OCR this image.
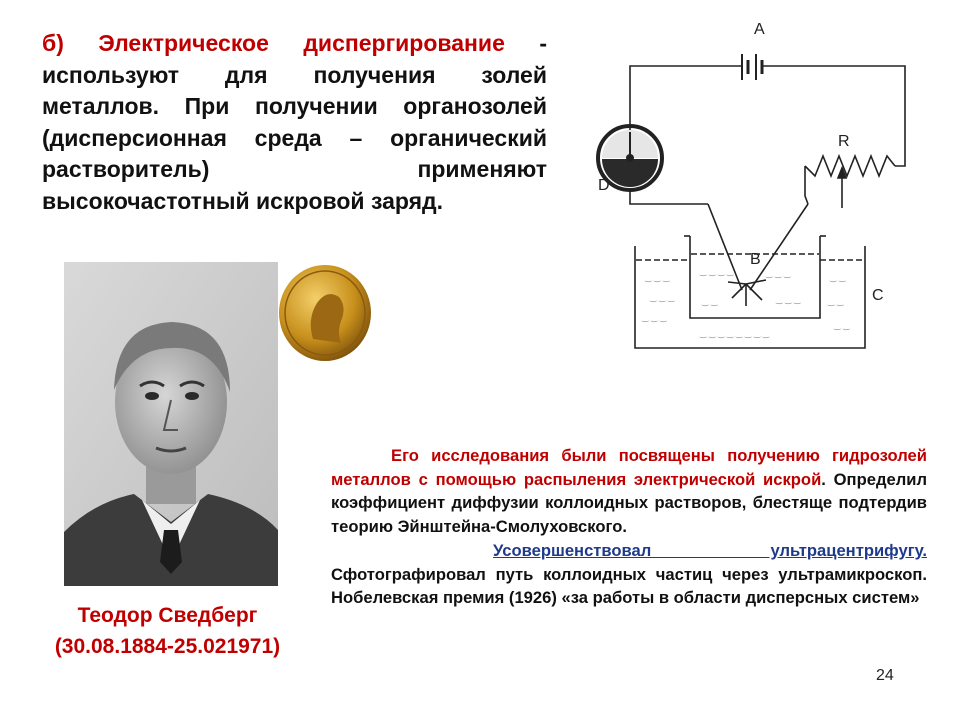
б) Электрическое диспергирование - используют для получения золей металлов. При получении органозолей (дисперсионная среда – органический растворитель) применяют высокочастотный искровой заряд.
‿ ‿ ‿
‿ ‿ ‿
‿ ‿ ‿
‿ ‿
‿ ‿
‿ ‿
‿ ‿ ‿ ‿	‿ ‿ ‿
‿ ‿	‿ ‿ ‿
‿ ‿ ‿ ‿ ‿ ‿ ‿ ‿
A
R
D
B
C
Теодор Сведберг
(30.08.1884-25.021971)
Его исследования были посвящены получению гидрозолей металлов с помощью распыления электрической искрой. Определил коэффициент диффузии коллоидных растворов, блестяще подтердив теорию Эйнштейна-Смолуховского.
Усовершенствовал ультрацентрифугу. Сфотографировал путь коллоидных частиц через ультрамикроскоп. Нобелевская премия (1926) «за работы в области дисперсных систем»
24
